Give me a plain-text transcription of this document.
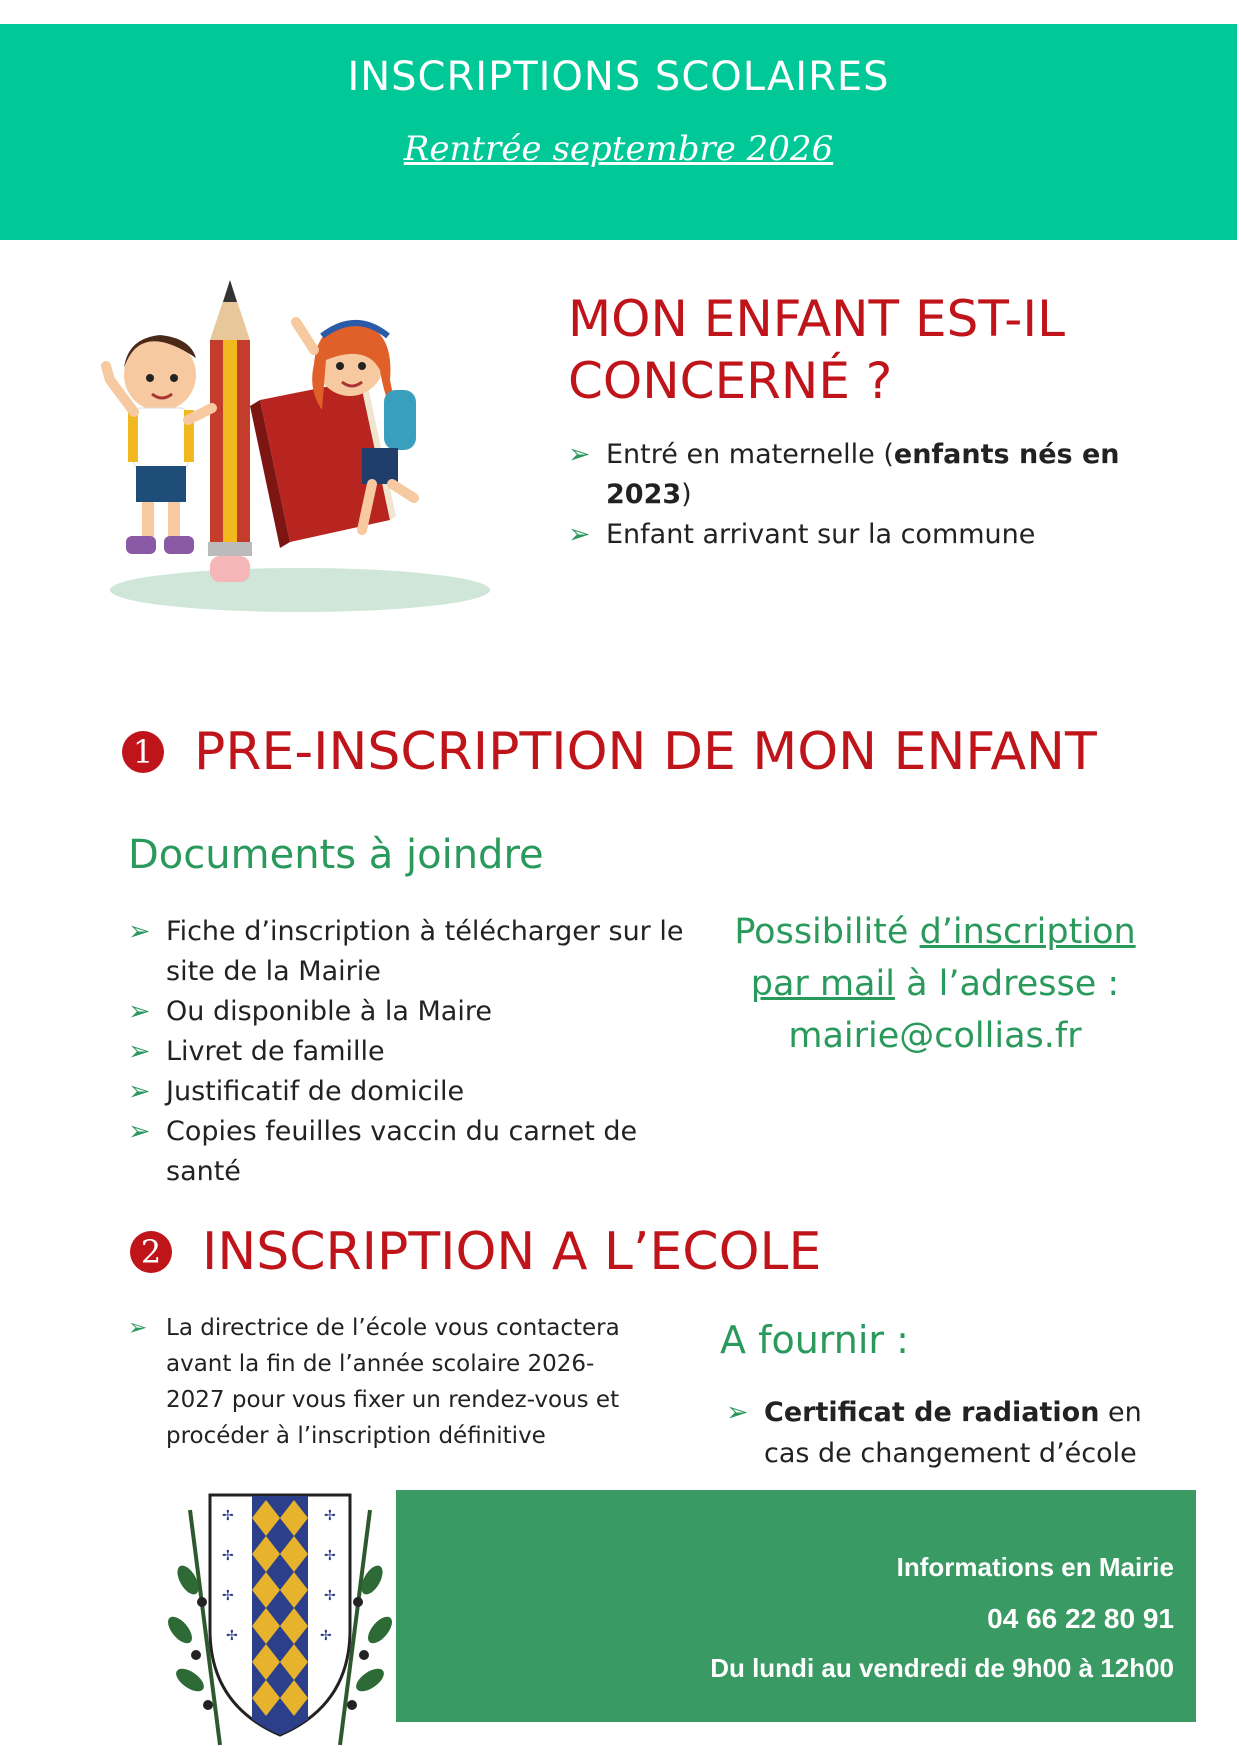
INSCRIPTIONS SCOLAIRES
Rentrée septembre 2026
MON ENFANT EST-IL CONCERNÉ ?
➢ Entré en maternelle (enfants nés en 2023)
➢ Enfant arrivant sur la commune
1 PRE-INSCRIPTION DE MON ENFANT
Documents à joindre
➢ Fiche d’inscription à télécharger sur le site de la Mairie
➢ Ou disponible à la Maire
➢ Livret de famille
➢ Justificatif de domicile
➢ Copies feuilles vaccin du carnet de santé
Possibilité d’inscription
par mail à l’adresse :
mairie@collias.fr
2 INSCRIPTION A L’ECOLE
➢ La directrice de l’école vous contactera avant la fin de l’année scolaire 2026-2027 pour vous fixer un rendez-vous et procéder à l’inscription définitive
A fournir :
➢ Certificat de radiation en cas de changement d’école
✢
✢
✢
✢
✢
✢
✢
✢
Informations en Mairie
04 66 22 80 91
Du lundi au vendredi de 9h00 à 12h00
